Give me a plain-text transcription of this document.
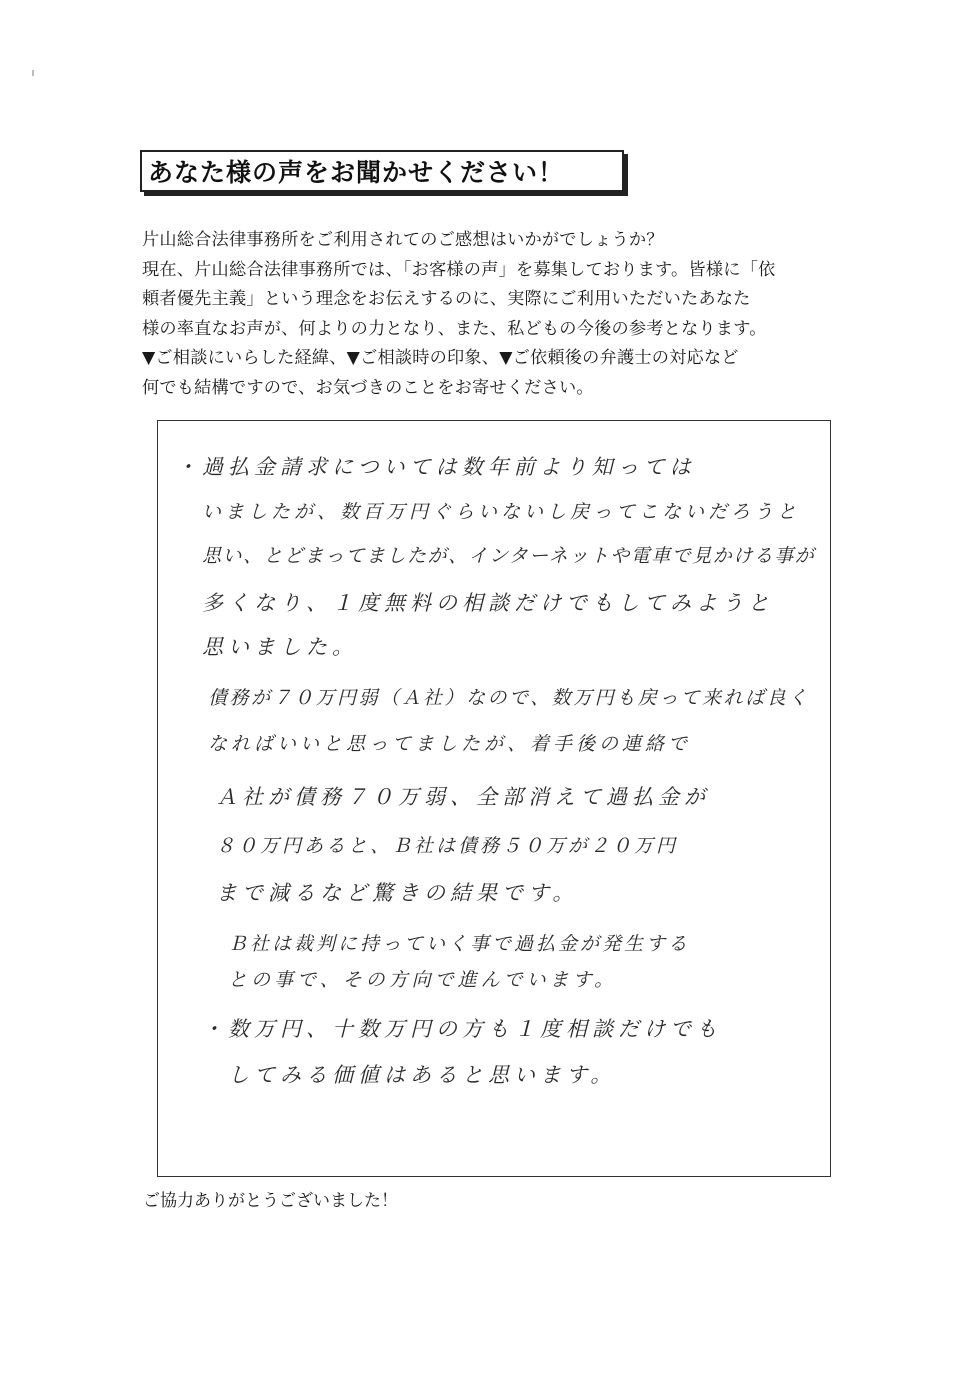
あなた様の声をお聞かせください！
片山総合法律事務所をご利用されてのご感想はいかがでしょうか？
現在、片山総合法律事務所では、「お客様の声」を募集しております。皆様に「依
頼者優先主義」という理念をお伝えするのに、実際にご利用いただいたあなた
様の率直なお声が、何よりの力となり、また、私どもの今後の参考となります。
▼ご相談にいらした経緯、▼ご相談時の印象、▼ご依頼後の弁護士の対応など
何でも結構ですので、お気づきのことをお寄せください。
・過払金請求については数年前より知っては
いましたが、数百万円ぐらいないし戻ってこないだろうと
思い、とどまってましたが、インターネットや電車で見かける事が
多くなり、１度無料の相談だけでもしてみようと
思いました。
債務が７０万円弱（Ａ社）なので、数万円も戻って来れば良く
なればいいと思ってましたが、着手後の連絡で
Ａ社が債務７０万弱、全部消えて過払金が
８０万円あると、Ｂ社は債務５０万が２０万円
まで減るなど驚きの結果です。
Ｂ社は裁判に持っていく事で過払金が発生する
との事で、その方向で進んでいます。
・数万円、十数万円の方も１度相談だけでも
してみる価値はあると思います。
ご協力ありがとうございました！
